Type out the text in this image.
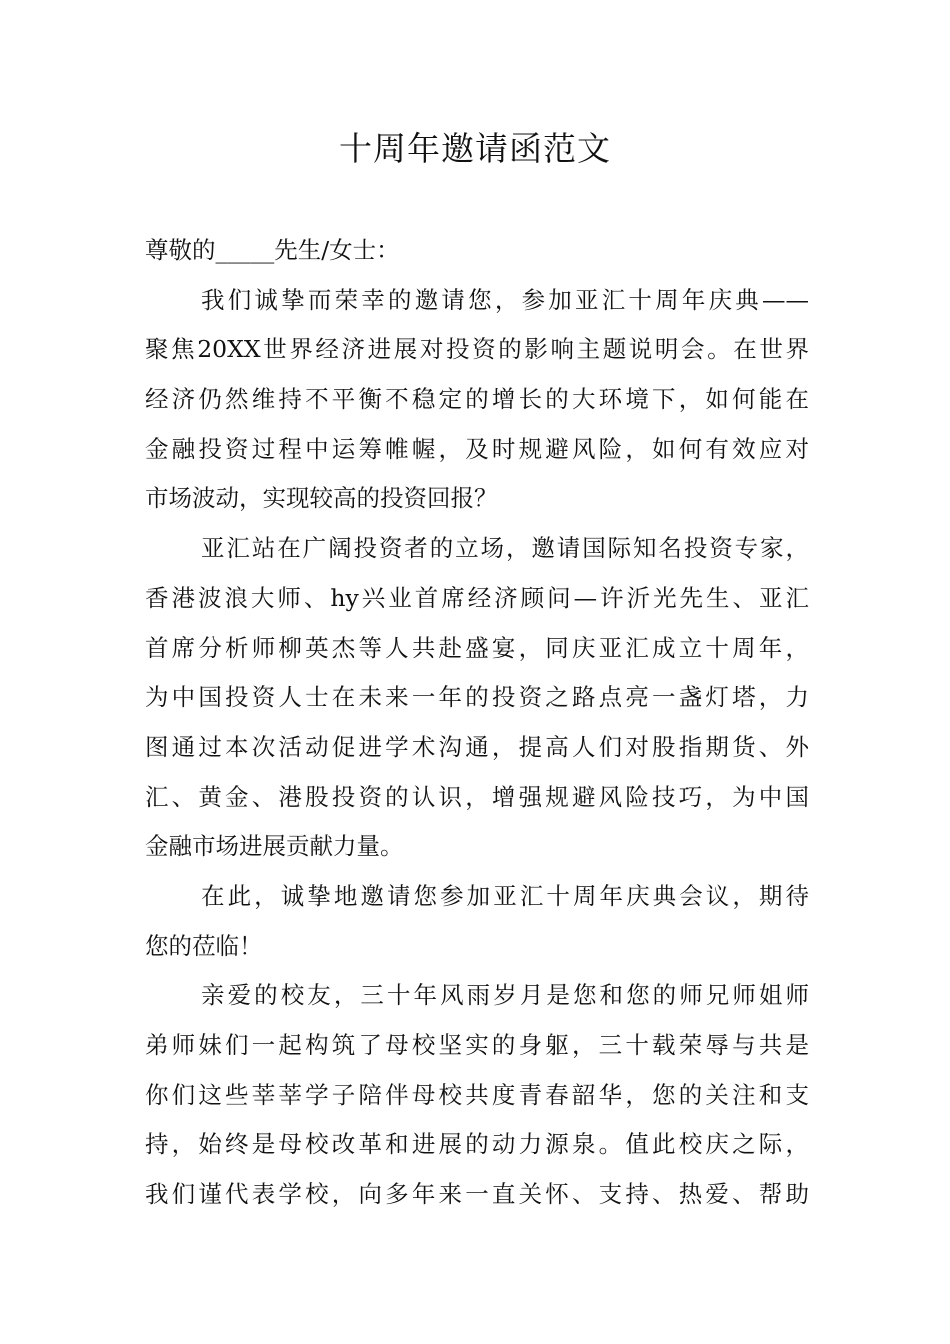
十周年邀请函范文
尊敬的_____先生/女士：
我们诚挚而荣幸的邀请您，参加亚汇十周年庆典——
聚焦20XX世界经济进展对投资的影响主题说明会。在世界
经济仍然维持不平衡不稳定的增长的大环境下，如何能在
金融投资过程中运筹帷幄，及时规避风险，如何有效应对
市场波动，实现较高的投资回报？
亚汇站在广阔投资者的立场，邀请国际知名投资专家，
香港波浪大师、hy兴业首席经济顾问—许沂光先生、亚汇
首席分析师柳英杰等人共赴盛宴，同庆亚汇成立十周年，
为中国投资人士在未来一年的投资之路点亮一盏灯塔，力
图通过本次活动促进学术沟通，提高人们对股指期货、外
汇、黄金、港股投资的认识，增强规避风险技巧，为中国
金融市场进展贡献力量。
在此，诚挚地邀请您参加亚汇十周年庆典会议，期待
您的莅临！
亲爱的校友，三十年风雨岁月是您和您的师兄师姐师
弟师妹们一起构筑了母校坚实的身躯，三十载荣辱与共是
你们这些莘莘学子陪伴母校共度青春韶华，您的关注和支
持，始终是母校改革和进展的动力源泉。值此校庆之际，
我们谨代表学校，向多年来一直关怀、支持、热爱、帮助
